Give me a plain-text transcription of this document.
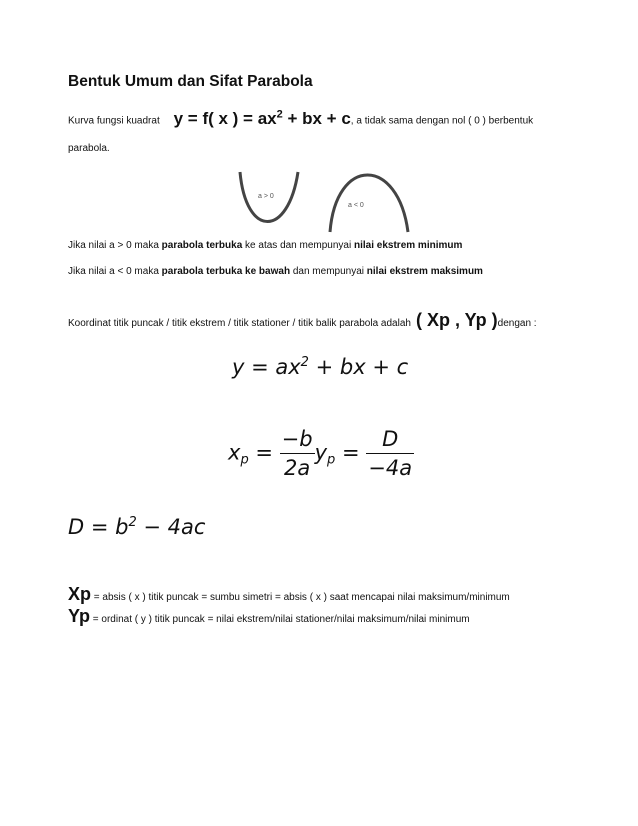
Bentuk Umum dan Sifat Parabola
Kurva fungsi kuadrat y = f( x ) = $ax^2$ + bx + c, a tidak sama dengan nol ( 0 ) berbentuk
parabola.
a > 0
a < 0
Jika nilai a > 0 maka parabola terbuka ke atas dan mempunyai nilai ekstrem minimum
Jika nilai a < 0 maka parabola terbuka ke bawah dan mempunyai nilai ekstrem maksimum
Koordinat titik puncak / titik ekstrem / titik stationer / titik balik parabola adalah ( Xp , Yp )dengan :
$y = ax^2$ + bx + c
$x_p = \frac{-b}{2a} y_p = \frac{D}{-4a}$
$D = b^2 - 4ac$
Xp = absis ( x ) titik puncak = sumbu simetri = absis ( x ) saat mencapai nilai maksimum/minimum
Yp = ordinat ( y ) titik puncak = nilai ekstrem/nilai stationer/nilai maksimum/nilai minimum
